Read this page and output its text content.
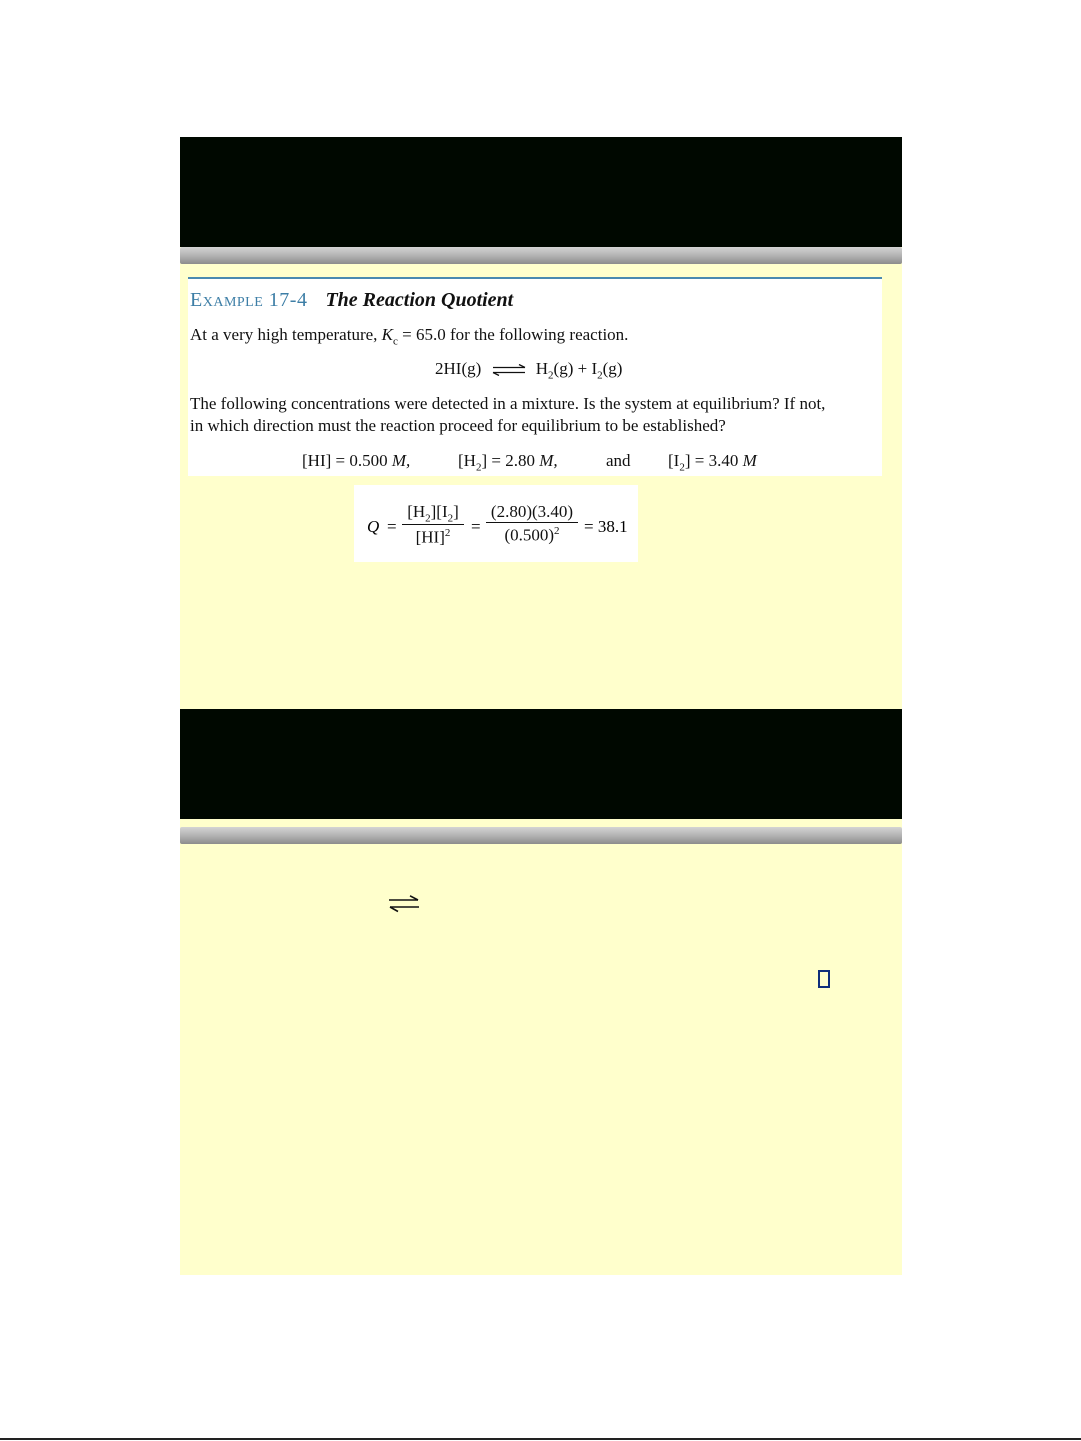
Example 17-4 The Reaction Quotient
At a very high temperature, $K_c = 65.0$ for the following reaction.
2HI(g) ⇌ $H_2(g) + I_2(g)$
The following concentrations were detected in a mixture. Is the system at equilibrium? If not,
in which direction must the reaction proceed for equilibrium to be established?
[HI] = 0.500 M,	$[H_2] = 2.80$ M,	and $[I_2] = 3.40$ M
$Q = \frac{[H_2][I_2]}{[HI]^2} = \frac{(2.80)(3.40)}{(0.500)^2} = 38.1$
